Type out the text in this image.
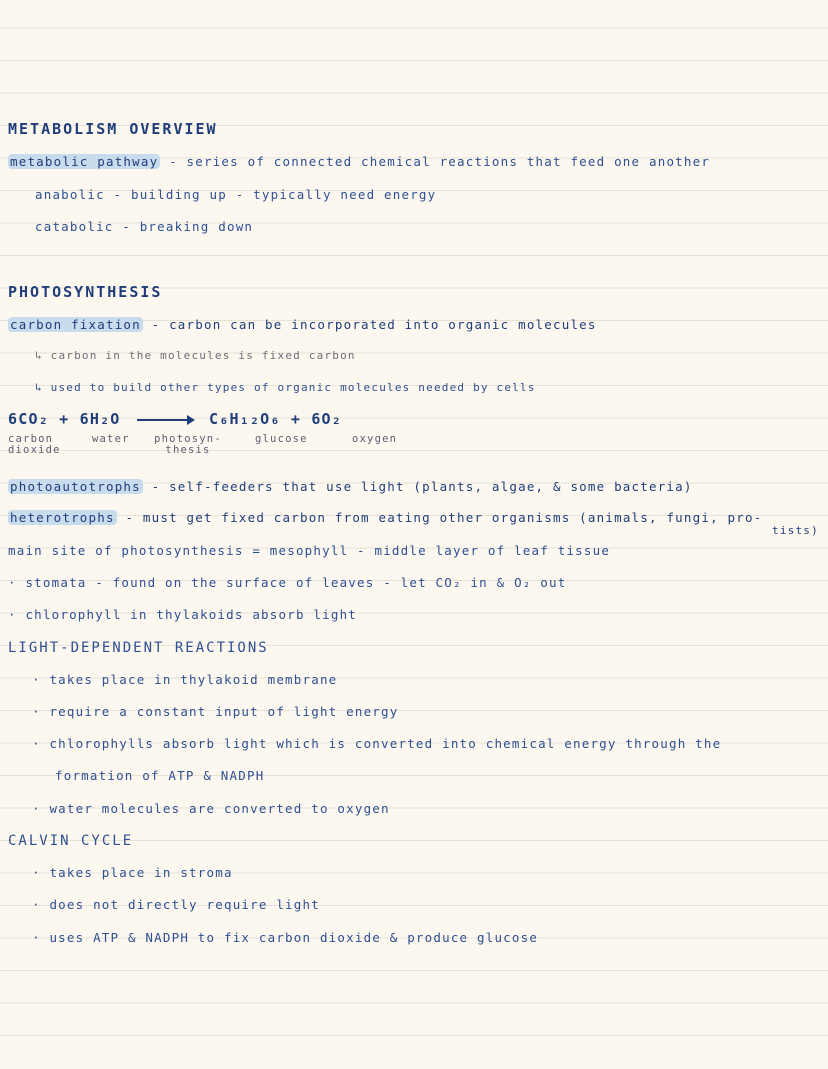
METABOLISM OVERVIEW
metabolic pathway - series of connected chemical reactions that feed one another
anabolic - building up - typically need energy
catabolic - breaking down
PHOTOSYNTHESIS
carbon fixation - carbon can be incorporated into organic molecules
↳ carbon in the molecules is fixed carbon
↳ used to build other types of organic molecules needed by cells
6CO₂ + 6H₂O → C₆H₁₂O₆ + 6O₂
carbon dioxide
water	photosyn- thesis
glucose	oxygen
photoautotrophs - self-feeders that use light (plants, algae, & some bacteria)
heterotrophs - must get fixed carbon from eating other organisms (animals, fungi, pro-
tists)
main site of photosynthesis = mesophyll - middle layer of leaf tissue
· stomata - found on the surface of leaves - let CO₂ in & O₂ out
· chlorophyll in thylakoids absorb light
LIGHT-DEPENDENT REACTIONS
· takes place in thylakoid membrane
· require a constant input of light energy
· chlorophylls absorb light which is converted into chemical energy through the
formation of ATP & NADPH
· water molecules are converted to oxygen
CALVIN CYCLE
· takes place in stroma
· does not directly require light
· uses ATP & NADPH to fix carbon dioxide & produce glucose
